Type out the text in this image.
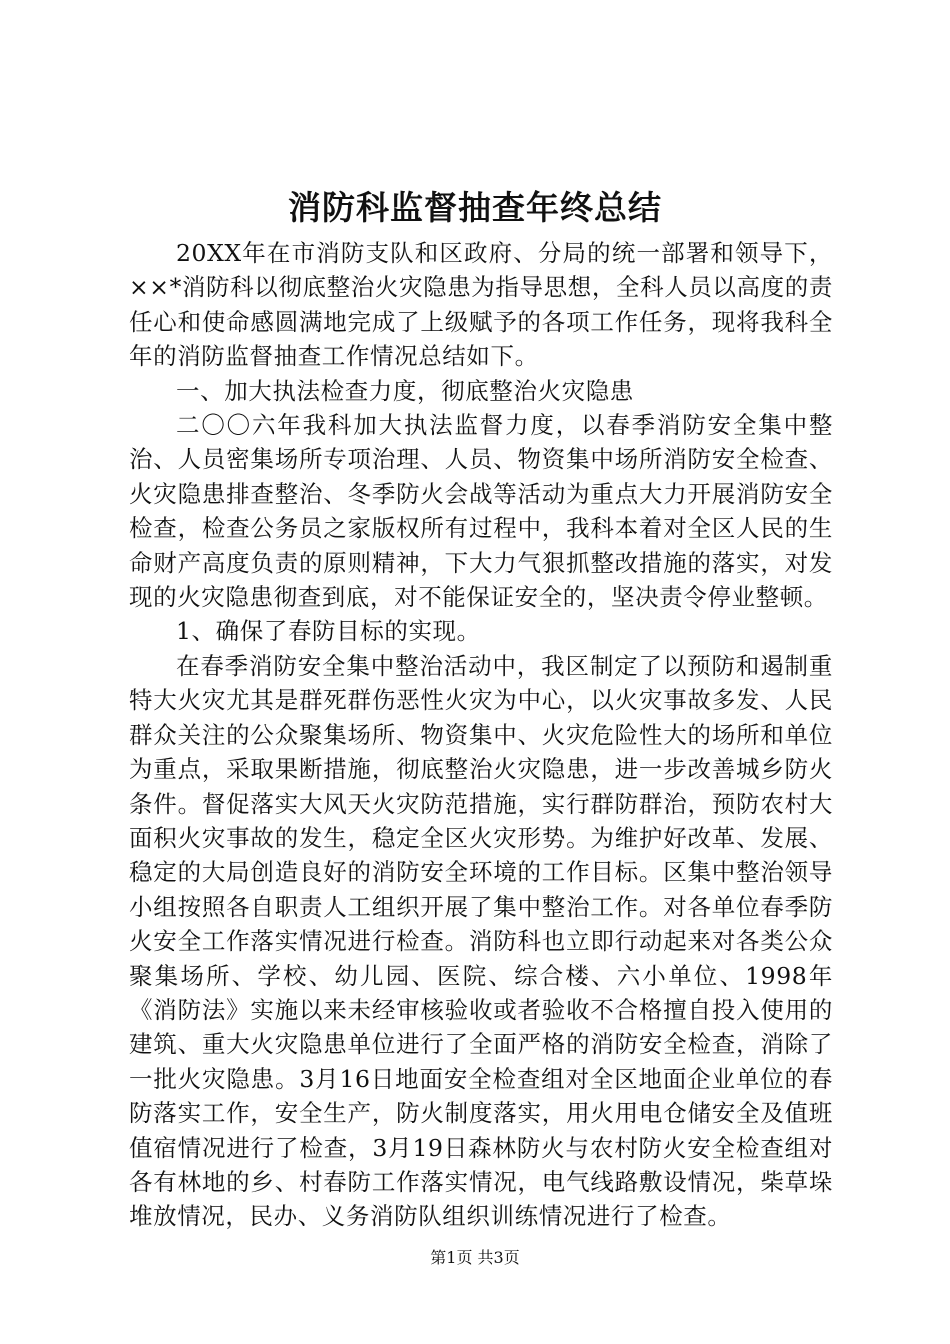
消防科监督抽查年终总结

20XX年在市消防支队和区政府、分局的统一部署和领导下，××*消防科以彻底整治火灾隐患为指导思想，全科人员以高度的责任心和使命感圆满地完成了上级赋予的各项工作任务，现将我科全年的消防监督抽查工作情况总结如下。

一、加大执法检查力度，彻底整治火灾隐患

二〇〇六年我科加大执法监督力度，以春季消防安全集中整治、人员密集场所专项治理、人员、物资集中场所消防安全检查、火灾隐患排查整治、冬季防火会战等活动为重点大力开展消防安全检查，检查公务员之家版权所有过程中，我科本着对全区人民的生命财产高度负责的原则精神，下大力气狠抓整改措施的落实，对发现的火灾隐患彻查到底，对不能保证安全的，坚决责令停业整顿。

1、确保了春防目标的实现。

在春季消防安全集中整治活动中，我区制定了以预防和遏制重特大火灾尤其是群死群伤恶性火灾为中心，以火灾事故多发、人民群众关注的公众聚集场所、物资集中、火灾危险性大的场所和单位为重点，采取果断措施，彻底整治火灾隐患，进一步改善城乡防火条件。督促落实大风天火灾防范措施，实行群防群治，预防农村大面积火灾事故的发生，稳定全区火灾形势。为维护好改革、发展、稳定的大局创造良好的消防安全环境的工作目标。区集中整治领导小组按照各自职责人工组织开展了集中整治工作。对各单位春季防火安全工作落实情况进行检查。消防科也立即行动起来对各类公众聚集场所、学校、幼儿园、医院、综合楼、六小单位、1998年《消防法》实施以来未经审核验收或者验收不合格擅自投入使用的建筑、重大火灾隐患单位进行了全面严格的消防安全检查，消除了一批火灾隐患。3月16日地面安全检查组对全区地面企业单位的春防落实工作，安全生产，防火制度落实，用火用电仓储安全及值班值宿情况进行了检查，3月19日森林防火与农村防火安全检查组对各有林地的乡、村春防工作落实情况，电气线路敷设情况，柴草垛堆放情况，民办、义务消防队组织训练情况进行了检查。

第1页 共3页
